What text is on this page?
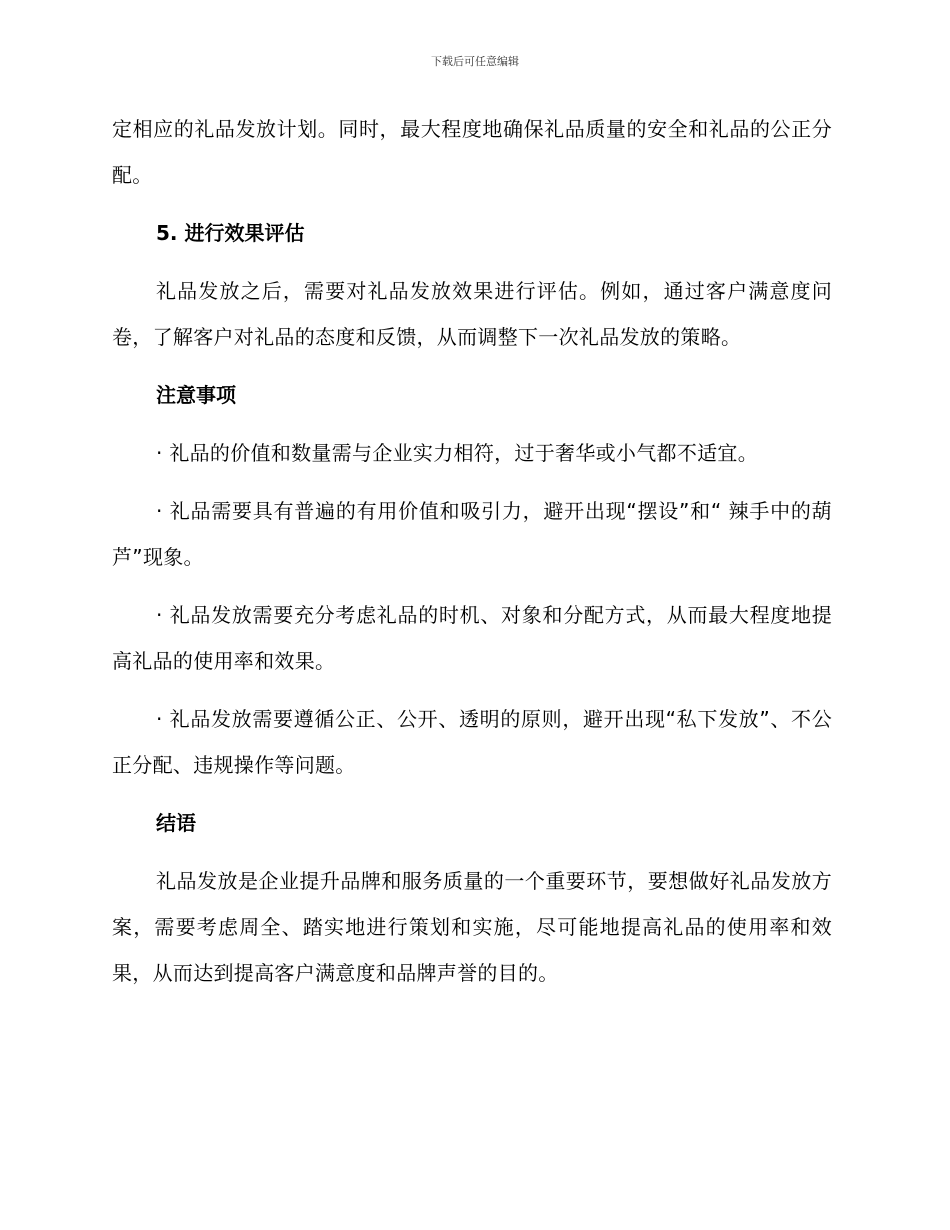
下载后可任意编辑

定相应的礼品发放计划。同时，最大程度地确保礼品质量的安全和礼品的公正分配。

5. 进行效果评估

礼品发放之后，需要对礼品发放效果进行评估。例如，通过客户满意度问卷，了解客户对礼品的态度和反馈，从而调整下一次礼品发放的策略。

注意事项

· 礼品的价值和数量需与企业实力相符，过于奢华或小气都不适宜。

· 礼品需要具有普遍的有用价值和吸引力，避开出现“摆设”和“ 辣手中的葫芦”现象。

· 礼品发放需要充分考虑礼品的时机、对象和分配方式，从而最大程度地提高礼品的使用率和效果。

· 礼品发放需要遵循公正、公开、透明的原则，避开出现“私下发放”、不公正分配、违规操作等问题。

结语

礼品发放是企业提升品牌和服务质量的一个重要环节，要想做好礼品发放方案，需要考虑周全、踏实地进行策划和实施，尽可能地提高礼品的使用率和效果，从而达到提高客户满意度和品牌声誉的目的。
